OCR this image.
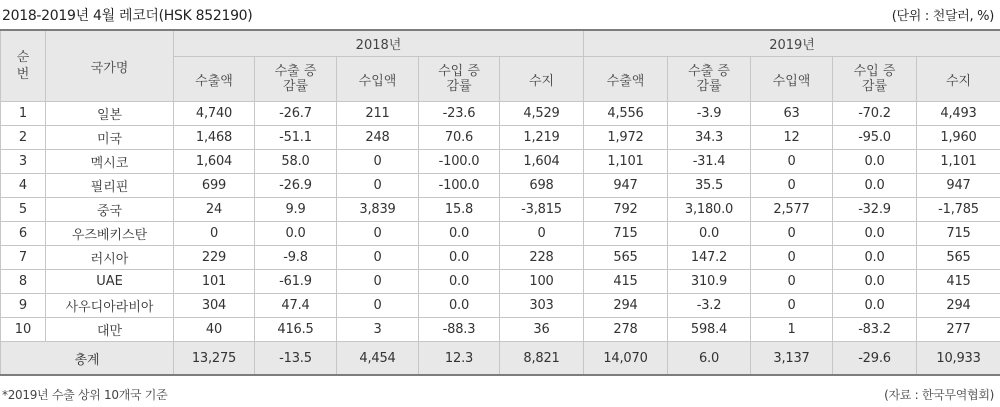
2018-2019년 4월 레코더(HSK 852190)	(단위 : 천달러, %)
순번	국가명	2018년					2019년				
		수출액	수출 증감률	수입액	수입 증감률	수지	수출액	수출 증감률	수입액	수입 증감률	수지
1	일본	4,740	-26.7	211	-23.6	4,529	4,556	-3.9	63	-70.2	4,493
2	미국	1,468	-51.1	248	70.6	1,219	1,972	34.3	12	-95.0	1,960
3	멕시코	1,604	58.0	0	-100.0	1,604	1,101	-31.4	0	0.0	1,101
4	필리핀	699	-26.9	0	-100.0	698	947	35.5	0	0.0	947
5	중국	24	9.9	3,839	15.8	-3,815	792	3,180.0	2,577	-32.9	-1,785
6	우즈베키스탄	0	0.0	0	0.0	0	715	0.0	0	0.0	715
7	러시아	229	-9.8	0	0.0	228	565	147.2	0	0.0	565
8	UAE	101	-61.9	0	0.0	100	415	310.9	0	0.0	415
9	사우디아라비아	304	47.4	0	0.0	303	294	-3.2	0	0.0	294
10	대만	40	416.5	3	-88.3	36	278	598.4	1	-83.2	277
총계		13,275	-13.5	4,454	12.3	8,821	14,070	6.0	3,137	-29.6	10,933
*2019년 수출 상위 10개국 기준	(자료 : 한국무역협회)
